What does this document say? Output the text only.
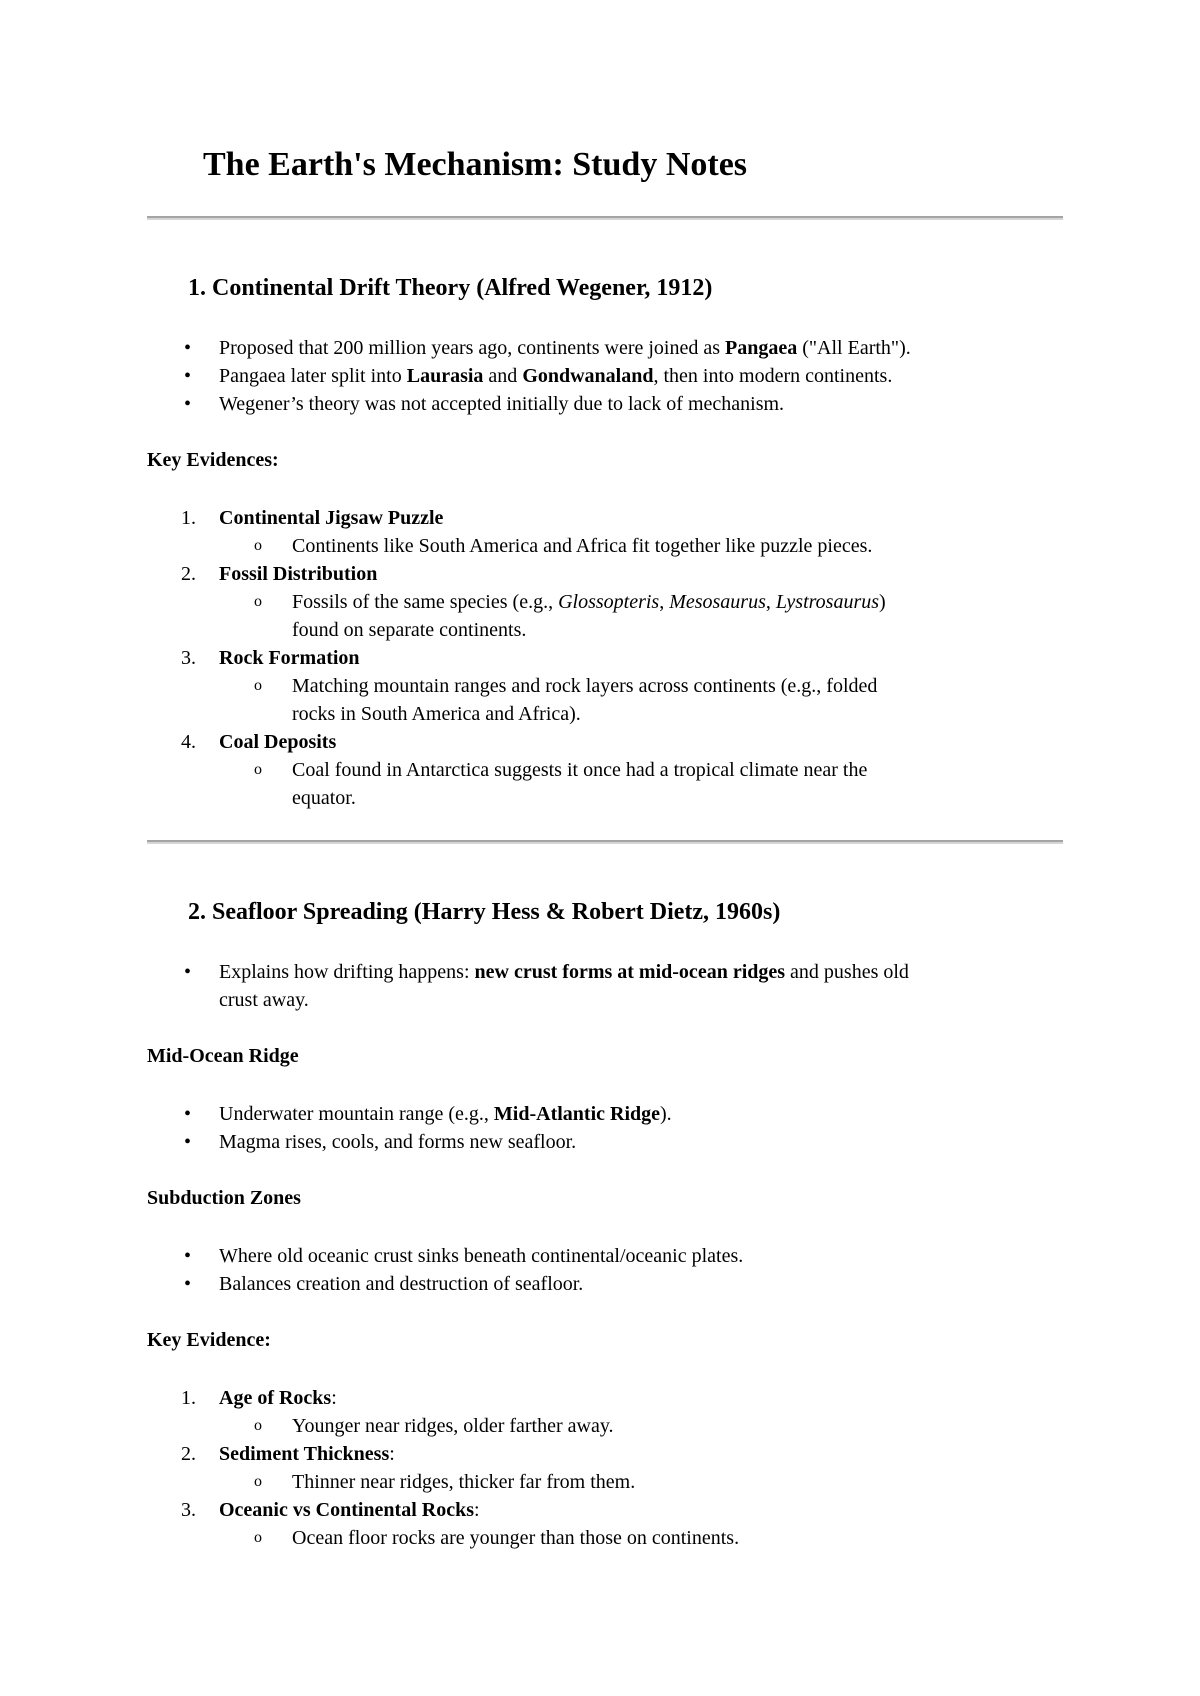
The Earth's Mechanism: Study Notes
1. Continental Drift Theory (Alfred Wegener, 1912)
• Proposed that 200 million years ago, continents were joined as Pangaea ("All Earth").
• Pangaea later split into Laurasia and Gondwanaland, then into modern continents.
• Wegener’s theory was not accepted initially due to lack of mechanism.
Key Evidences:
1. Continental Jigsaw Puzzle
o Continents like South America and Africa fit together like puzzle pieces.
2. Fossil Distribution
o Fossils of the same species (e.g., Glossopteris, Mesosaurus, Lystrosaurus)
found on separate continents.
3. Rock Formation
o Matching mountain ranges and rock layers across continents (e.g., folded
rocks in South America and Africa).
4. Coal Deposits
o Coal found in Antarctica suggests it once had a tropical climate near the
equator.
2. Seafloor Spreading (Harry Hess & Robert Dietz, 1960s)
• Explains how drifting happens: new crust forms at mid-ocean ridges and pushes old
crust away.
Mid-Ocean Ridge
• Underwater mountain range (e.g., Mid-Atlantic Ridge).
• Magma rises, cools, and forms new seafloor.
Subduction Zones
• Where old oceanic crust sinks beneath continental/oceanic plates.
• Balances creation and destruction of seafloor.
Key Evidence:
1. Age of Rocks:
o Younger near ridges, older farther away.
2. Sediment Thickness:
o Thinner near ridges, thicker far from them.
3. Oceanic vs Continental Rocks:
o Ocean floor rocks are younger than those on continents.
